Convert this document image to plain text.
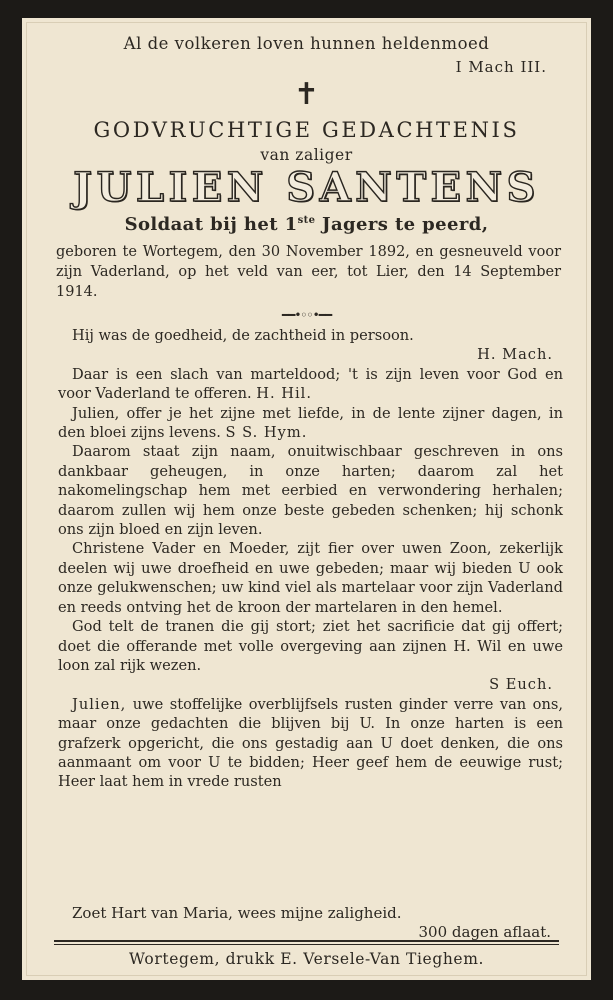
Al de volkeren loven hunnen heldenmoed
I Mach III.
✝
GODVRUCHTIGE GEDACHTENIS
van zaliger
JULIEN SANTENS
Soldaat bij het 1ste Jagers te peerd,
geboren te Wortegem, den 30 November 1892, en gesneuveld voor zijn Vaderland, op het veld van eer, tot Lier, den 14 September 1914.
━━•◦◦•━━

Hij was de goedheid, de zachtheid in persoon.

H. Mach.

Daar is een slach van marteldood; 't is zijn leven voor God en voor Vaderland te offeren. H. Hil.

Julien, offer je het zijne met liefde, in de lente zijner dagen, in den bloei zijns levens. S S. Hym.

Daarom staat zijn naam, onuitwischbaar geschreven in ons dankbaar geheugen, in onze harten; daarom zal het nakomelingschap hem met eerbied en verwondering herhalen; daarom zullen wij hem onze beste gebeden schenken; hij schonk ons zijn bloed en zijn leven.

Christene Vader en Moeder, zijt fier over uwen Zoon, zekerlijk deelen wij uwe droefheid en uwe gebeden; maar wij bieden U ook onze gelukwenschen; uw kind viel als martelaar voor zijn Vaderland en reeds ontving het de kroon der martelaren in den hemel.

God telt de tranen die gij stort; ziet het sacrificie dat gij offert; doet die offerande met volle overgeving aan zijnen H. Wil en uwe loon zal rijk wezen.

S Euch.

Julien, uwe stoffelijke overblijfsels rusten ginder verre van ons, maar onze gedachten die blijven bij U. In onze harten is een grafzerk opgericht, die ons gestadig aan U doet denken, die ons aanmaant om voor U te bidden; Heer geef hem de eeuwige rust; Heer laat hem in vrede rusten

Zoet Hart van Maria, wees mijne zaligheid.
300 dagen aflaat.
Wortegem, drukk E. Versele-Van Tieghem.
